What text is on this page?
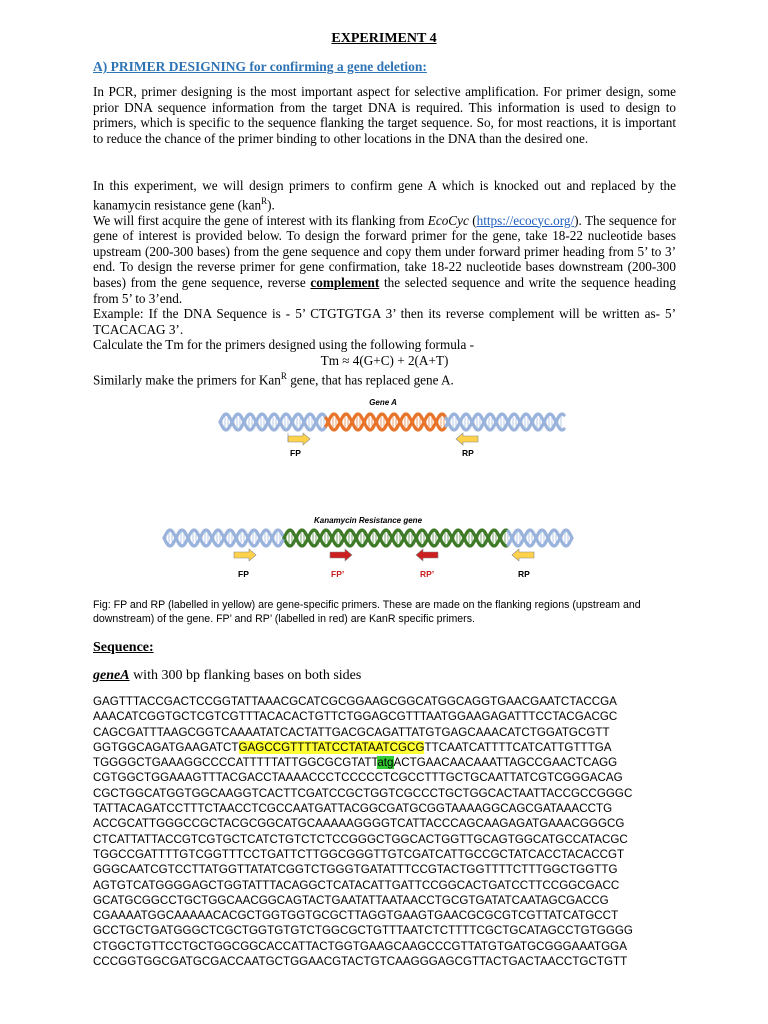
EXPERIMENT 4
A) PRIMER DESIGNING for confirming a gene deletion:

In PCR, primer designing is the most important aspect for selective amplification. For primer design, some prior DNA sequence information from the target DNA is required. This information is used to design to primers, which is specific to the sequence flanking the target sequence. So, for most reactions, it is important to reduce the chance of the primer binding to other locations in the DNA than the desired one.

In this experiment, we will design primers to confirm gene A which is knocked out and replaced by the kanamycin resistance gene (kan$^R$).

We will first acquire the gene of interest with its flanking from EcoCyc (https://ecocyc.org/). The sequence for gene of interest is provided below. To design the forward primer for the gene, take 18-22 nucleotide bases upstream (200-300 bases) from the gene sequence and copy them under forward primer heading from 5’ to 3’ end. To design the reverse primer for gene confirmation, take 18-22 nucleotide bases downstream (200-300 bases) from the gene sequence, reverse complement the selected sequence and write the sequence heading from 5’ to 3’end.

Example: If the DNA Sequence is - 5’ CTGTGTGA 3’ then its reverse complement will be written as- 5’ TCACACAG 3’.

Calculate the Tm for the primers designed using the following formula -

Tm ≈ 4(G+C) + 2(A+T)

Similarly make the primers for Kan$^R$ gene, that has replaced gene A.

Gene A
FP	RP
Kanamycin Resistance gene
FP	FP’	RP’	RP
Fig: FP and RP (labelled in yellow) are gene-specific primers. These are made on the flanking regions (upstream and downstream) of the gene. FP’ and RP’ (labelled in red) are KanR specific primers.
Sequence:
geneA with 300 bp flanking bases on both sides
GAGTTTACCGACTCCGGTATTAAACGCATCGCGGAAGCGGCATGGCAGGTGAACGAATCTACCGA
AAACATCGGTGCTCGTCGTTTACACACTGTTCTGGAGCGTTTAATGGAAGAGATTTCCTACGACGC
CAGCGATTTAAGCGGTCAAAATATCACTATTGACGCAGATTATGTGAGCAAACATCTGGATGCGTT
GGTGGCAGATGAAGATCTGAGCCGTTTTATCCTATAATCGCGTTCAATCATTTTCATCATTGTTTGA
TGGGGCTGAAAGGCCCCATTTTTATTGGCGCGTATTatgACTGAACAACAAATTAGCCGAACTCAGG
CGTGGCTGGAAAGTTTACGACCTAAAACCCTCCCCCTCGCCTTTGCTGCAATTATCGTCGGGACAG
CGCTGGCATGGTGGCAAGGTCACTTCGATCCGCTGGTCGCCCTGCTGGCACTAATTACCGCCGGGC
TATTACAGATCCTTTCTAACCTCGCCAATGATTACGGCGATGCGGTAAAAGGCAGCGATAAACCTG
ACCGCATTGGGCCGCTACGCGGCATGCAAAAAGGGGTCATTACCCAGCAAGAGATGAAACGGGCG
CTCATTATTACCGTCGTGCTCATCTGTCTCTCCGGGCTGGCACTGGTTGCAGTGGCATGCCATACGC
TGGCCGATTTTGTCGGTTTCCTGATTCTTGGCGGGTTGTCGATCATTGCCGCTATCACCTACACCGT
GGGCAATCGTCCTTATGGTTATATCGGTCTGGGTGATATTTCCGTACTGGTTTTCTTTGGCTGGTTG
AGTGTCATGGGGAGCTGGTATTTACAGGCTCATACATTGATTCCGGCACTGATCCTTCCGGCGACC
GCATGCGGCCTGCTGGCAACGGCAGTACTGAATATTAATAACCTGCGTGATATCAATAGCGACCG
CGAAAATGGCAAAAACACGCTGGTGGTGCGCTTAGGTGAAGTGAACGCGCGTCGTTATCATGCCT
GCCTGCTGATGGGCTCGCTGGTGTGTCTGGCGCTGTTTAATCTCTTTTCGCTGCATAGCCTGTGGGG
CTGGCTGTTCCTGCTGGCGGCACCATTACTGGTGAAGCAAGCCCGTTATGTGATGCGGGAAATGGA
CCCGGTGGCGATGCGACCAATGCTGGAACGTACTGTCAAGGGAGCGTTACTGACTAACCTGCTGTT
